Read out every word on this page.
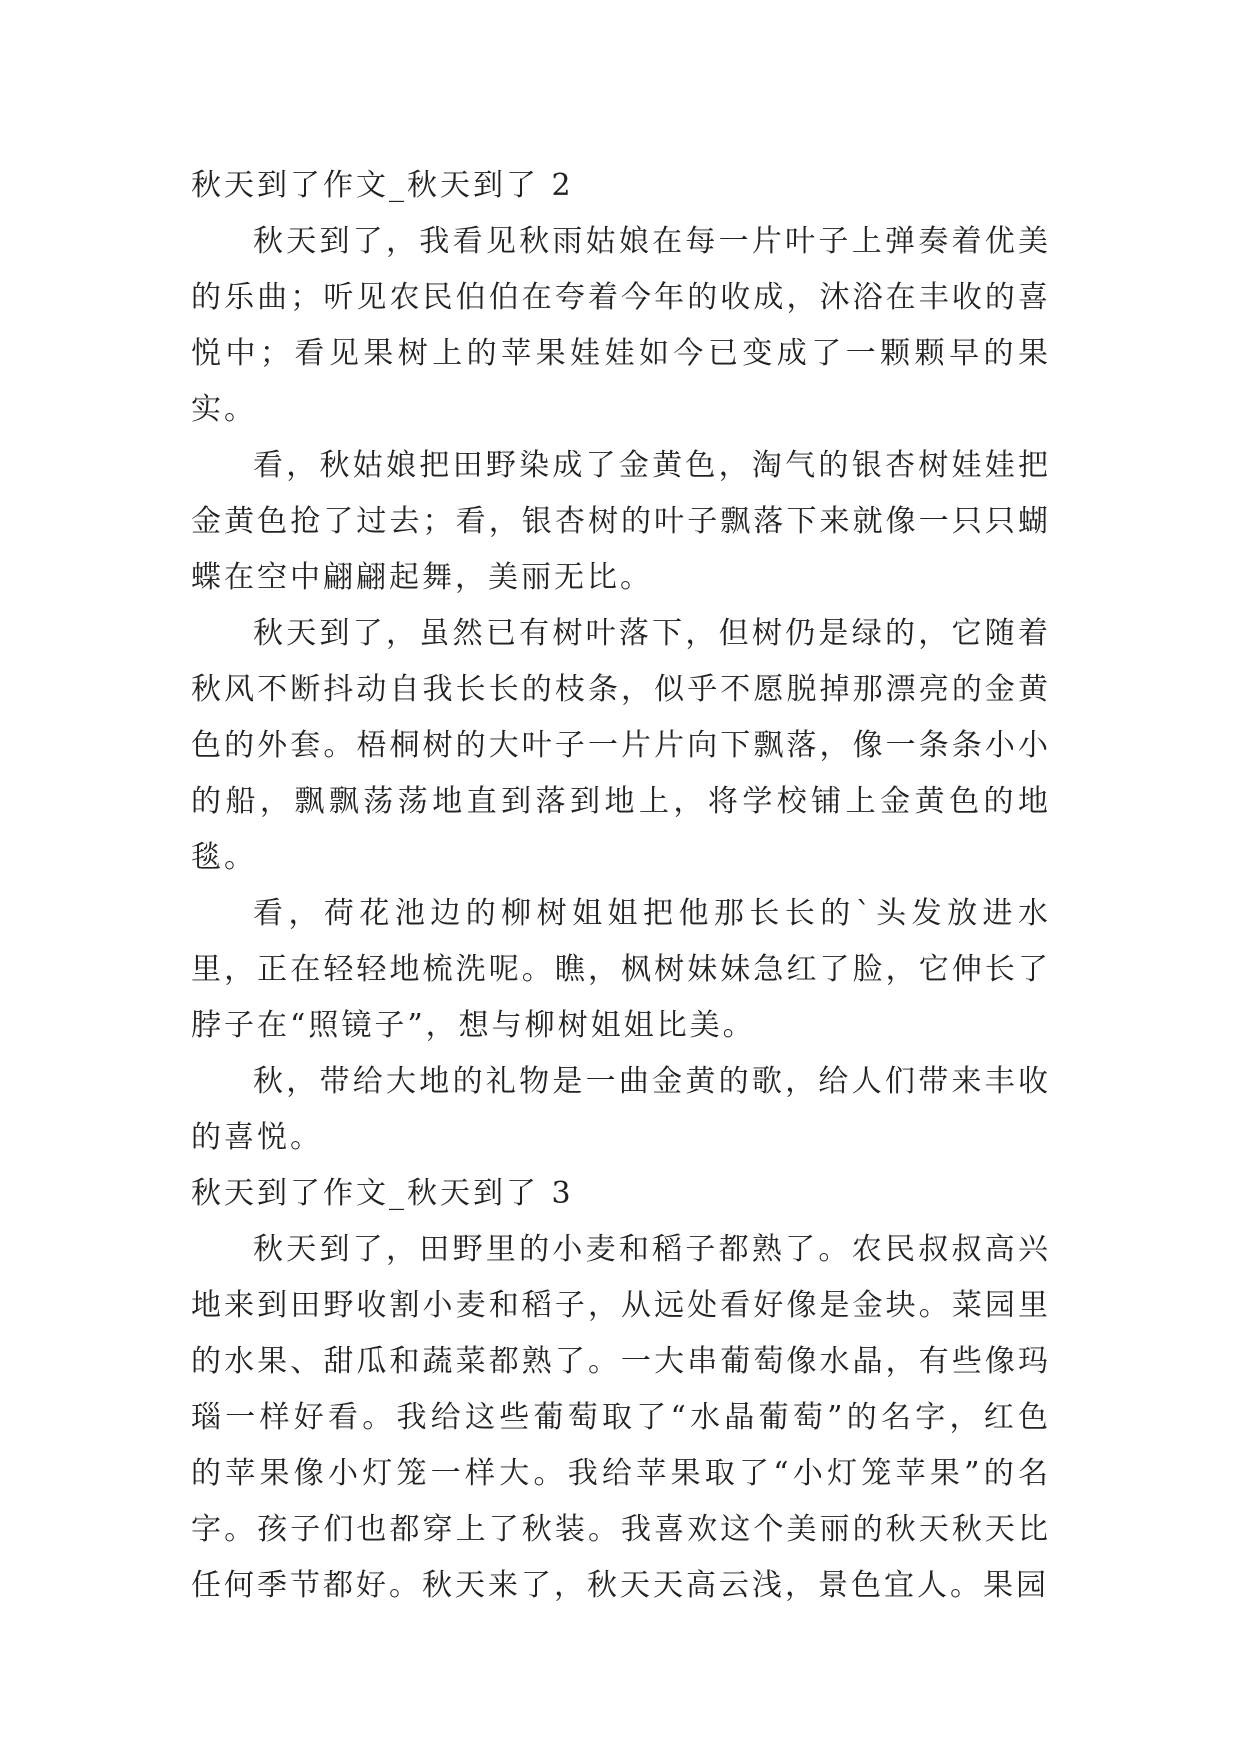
秋天到了作文_秋天到了 2

秋天到了，我看见秋雨姑娘在每一片叶子上弹奏着优美的乐曲；听见农民伯伯在夸着今年的收成，沐浴在丰收的喜悦中；看见果树上的苹果娃娃如今已变成了一颗颗早的果实。

看，秋姑娘把田野染成了金黄色，淘气的银杏树娃娃把金黄色抢了过去；看，银杏树的叶子飘落下来就像一只只蝴蝶在空中翩翩起舞，美丽无比。

秋天到了，虽然已有树叶落下，但树仍是绿的，它随着秋风不断抖动自我长长的枝条，似乎不愿脱掉那漂亮的金黄色的外套。梧桐树的大叶子一片片向下飘落，像一条条小小的船，飘飘荡荡地直到落到地上，将学校铺上金黄色的地毯。

看，荷花池边的柳树姐姐把他那长长的`头发放进水里，正在轻轻地梳洗呢。瞧，枫树妹妹急红了脸，它伸长了脖子在“照镜子”，想与柳树姐姐比美。

秋，带给大地的礼物是一曲金黄的歌，给人们带来丰收的喜悦。

秋天到了作文_秋天到了 3

秋天到了，田野里的小麦和稻子都熟了。农民叔叔高兴地来到田野收割小麦和稻子，从远处看好像是金块。菜园里的水果、甜瓜和蔬菜都熟了。一大串葡萄像水晶，有些像玛瑙一样好看。我给这些葡萄取了“水晶葡萄”的名字，红色的苹果像小灯笼一样大。我给苹果取了“小灯笼苹果”的名字。孩子们也都穿上了秋装。我喜欢这个美丽的秋天秋天比任何季节都好。秋天来了，秋天天高云浅，景色宜人。果园
